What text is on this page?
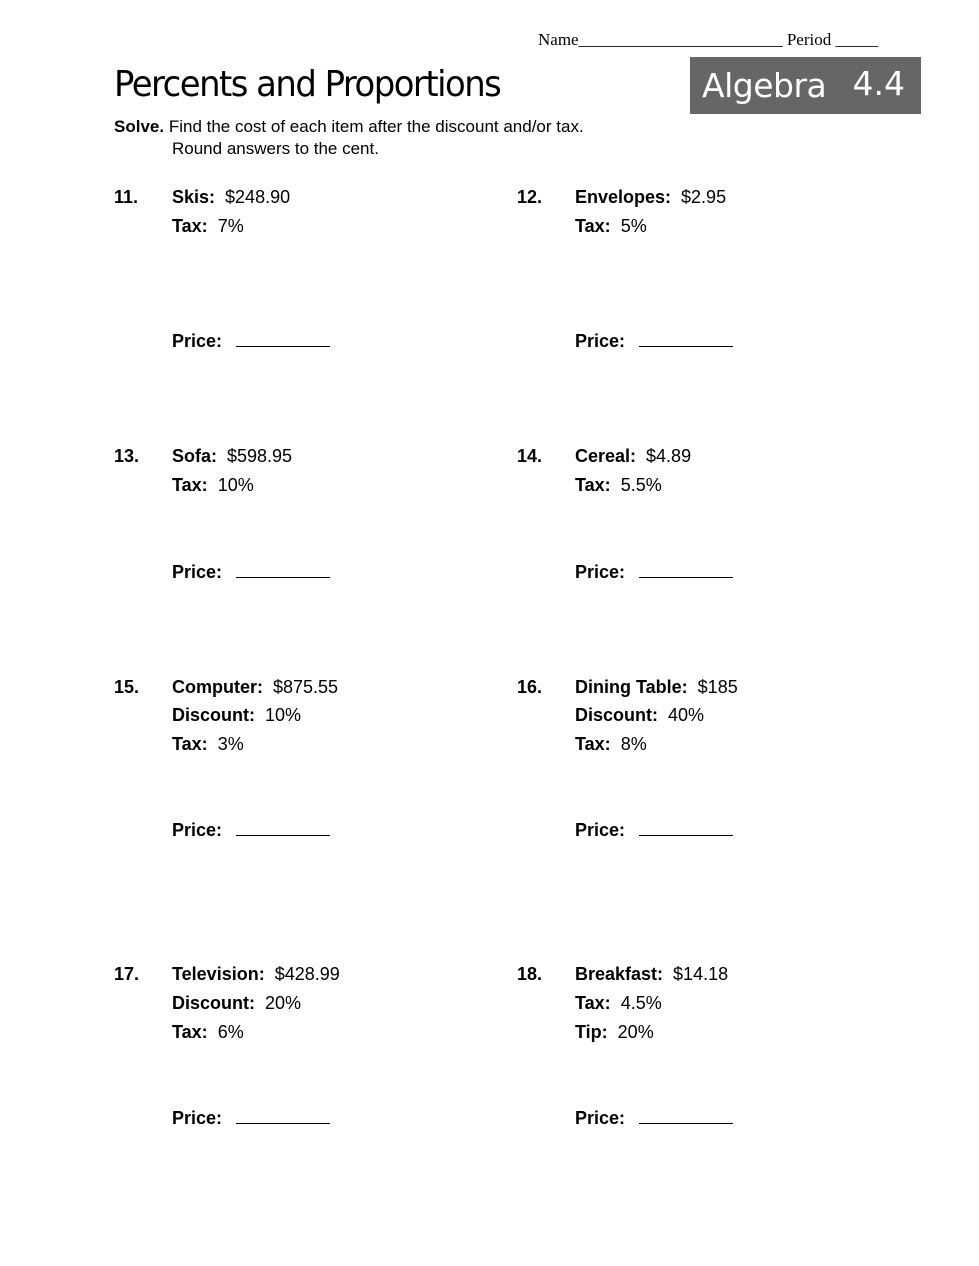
Name________________________ Period _____
Percents and Proportions	Algebra 4.4
Solve. Find the cost of each item after the discount and/or tax.
Round answers to the cent.
11. Skis: $248.90
Tax: 7%
Price:
12. Envelopes: $2.95
Tax: 5%
Price:
13. Sofa: $598.95
Tax: 10%
Price:
14. Cereal: $4.89
Tax: 5.5%
Price:
15. Computer: $875.55
Discount: 10%
Tax: 3%
Price:
16. Dining Table: $185
Discount: 40%
Tax: 8%
Price:
17. Television: $428.99
Discount: 20%
Tax: 6%
Price:
18. Breakfast: $14.18
Tax: 4.5%
Tip: 20%
Price:
